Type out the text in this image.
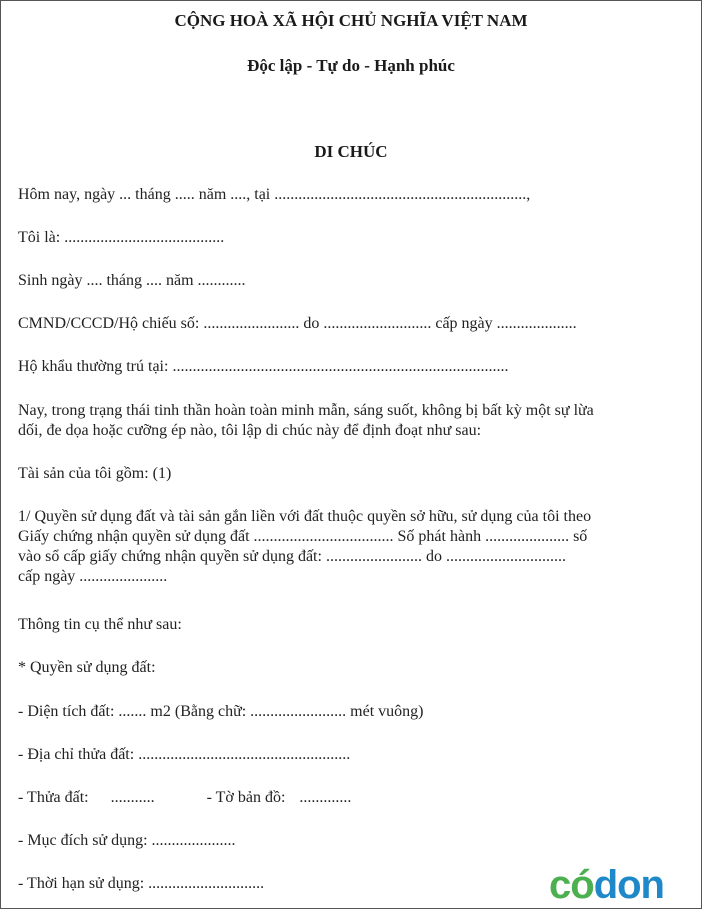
CỘNG HOÀ XÃ HỘI CHỦ NGHĨA VIỆT NAM
Độc lập - Tự do - Hạnh phúc
DI CHÚC
Hôm nay, ngày ... tháng ..... năm ...., tại ...............................................................,
Tôi là: ........................................
Sinh ngày .... tháng .... năm ............
CMND/CCCD/Hộ chiếu số: ........................ do ........................... cấp ngày ....................
Hộ khẩu thường trú tại: ....................................................................................
Nay, trong trạng thái tinh thần hoàn toàn minh mẫn, sáng suốt, không bị bất kỳ một sự lừa
dối, đe dọa hoặc cưỡng ép nào, tôi lập di chúc này để định đoạt như sau:
Tài sản của tôi gồm: (1)
1/ Quyền sử dụng đất và tài sản gắn liền với đất thuộc quyền sở hữu, sử dụng của tôi theo
Giấy chứng nhận quyền sử dụng đất ................................... Số phát hành ..................... số
vào sổ cấp giấy chứng nhận quyền sử dụng đất: ........................ do ..............................
cấp ngày ......................
Thông tin cụ thể như sau:
* Quyền sử dụng đất:
- Diện tích đất: ....... m2 (Bằng chữ: ........................ mét vuông)
- Địa chỉ thửa đất: .....................................................
- Thửa đất: ...........	- Tờ bản đồ: .............
- Mục đích sử dụng: .....................
- Thời hạn sử dụng: .............................	códon
